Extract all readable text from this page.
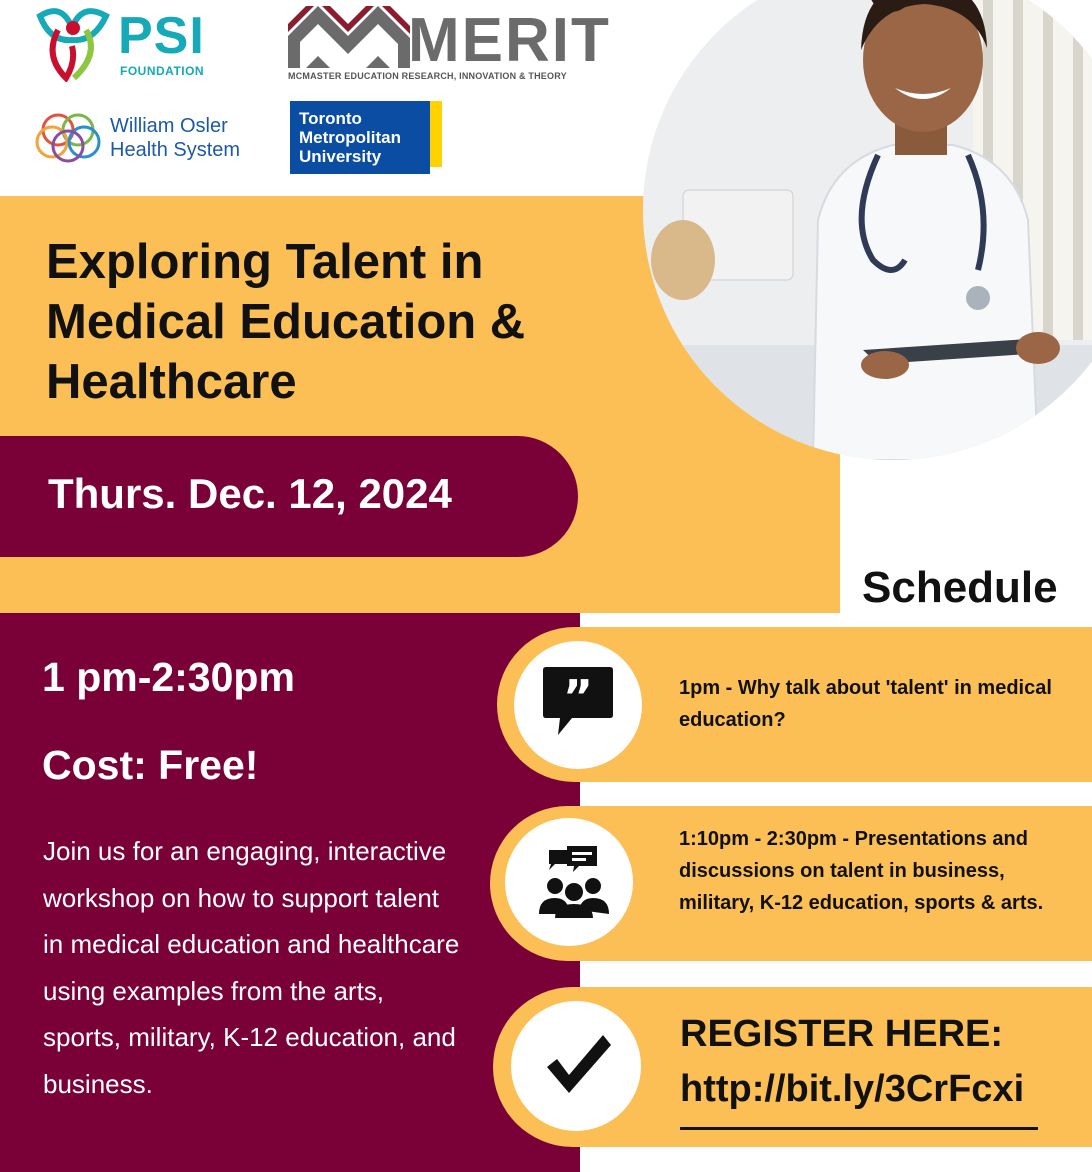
PSI
FOUNDATION	MERIT
MCMASTER EDUCATION RESEARCH, INNOVATION & THEORY
William Osler
Health System
Toronto
Metropolitan
University
Exploring Talent in
Medical Education &
Healthcare
Thurs. Dec. 12, 2024
1 pm-2:30pm
Cost: Free!
Join us for an engaging, interactive workshop on how to support talent in medical education and healthcare using examples from the arts, sports, military, K-12 education, and business.
Schedule
”	1pm - Why talk about 'talent' in medical education?
1:10pm - 2:30pm - Presentations and discussions on talent in business, military, K-12 education, sports & arts.
REGISTER HERE:
http://bit.ly/3CrFcxi
